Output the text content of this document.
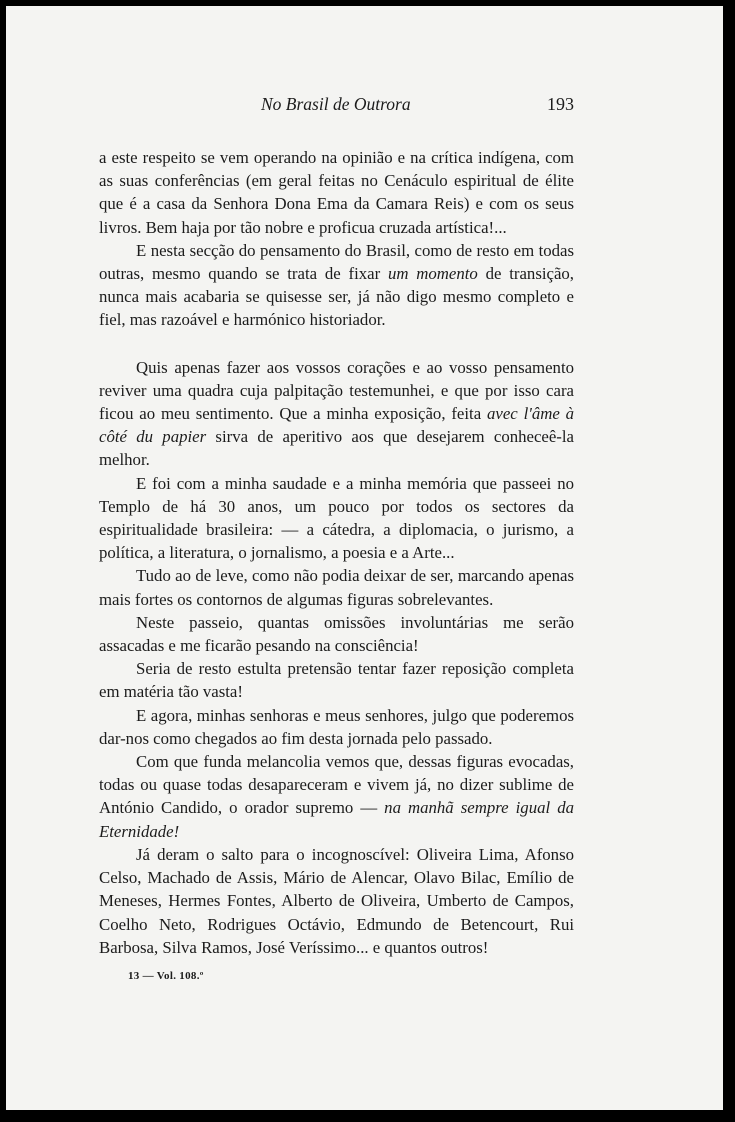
No Brasil de Outrora	193

a este respeito se vem operando na opinião e na crítica indígena, com as suas conferências (em geral feitas no Cenáculo espiritual de élite que é a casa da Senhora Dona Ema da Camara Reis) e com os seus livros. Bem haja por tão nobre e proficua cruzada artística!...

E nesta secção do pensamento do Brasil, como de resto em todas outras, mesmo quando se trata de fixar um momento de transição, nunca mais acabaria se quisesse ser, já não digo mesmo completo e fiel, mas razoável e harmónico historiador.

Quis apenas fazer aos vossos corações e ao vosso pensamento reviver uma quadra cuja palpitação testemunhei, e que por isso cara ficou ao meu sentimento. Que a minha exposição, feita avec l'âme à côté du papier sirva de aperitivo aos que desejarem conheceê-la melhor.

E foi com a minha saudade e a minha memória que passeei no Templo de há 30 anos, um pouco por todos os sectores da espiritualidade brasileira: — a cátedra, a diplomacia, o jurismo, a política, a literatura, o jornalismo, a poesia e a Arte...

Tudo ao de leve, como não podia deixar de ser, marcando apenas mais fortes os contornos de algumas figuras sobrelevantes.

Neste passeio, quantas omissões involuntárias me serão assacadas e me ficarão pesando na consciência!

Seria de resto estulta pretensão tentar fazer reposição completa em matéria tão vasta!

E agora, minhas senhoras e meus senhores, julgo que poderemos dar-nos como chegados ao fim desta jornada pelo passado.

Com que funda melancolia vemos que, dessas figuras evocadas, todas ou quase todas desapareceram e vivem já, no dizer sublime de António Candido, o orador supremo — na manhã sempre igual da Eternidade!

Já deram o salto para o incognoscível: Oliveira Lima, Afonso Celso, Machado de Assis, Mário de Alencar, Olavo Bilac, Emílio de Meneses, Hermes Fontes, Alberto de Oliveira, Umberto de Campos, Coelho Neto, Rodrigues Octávio, Edmundo de Betencourt, Rui Barbosa, Silva Ramos, José Veríssimo... e quantos outros!

13 — Vol. 108.º
